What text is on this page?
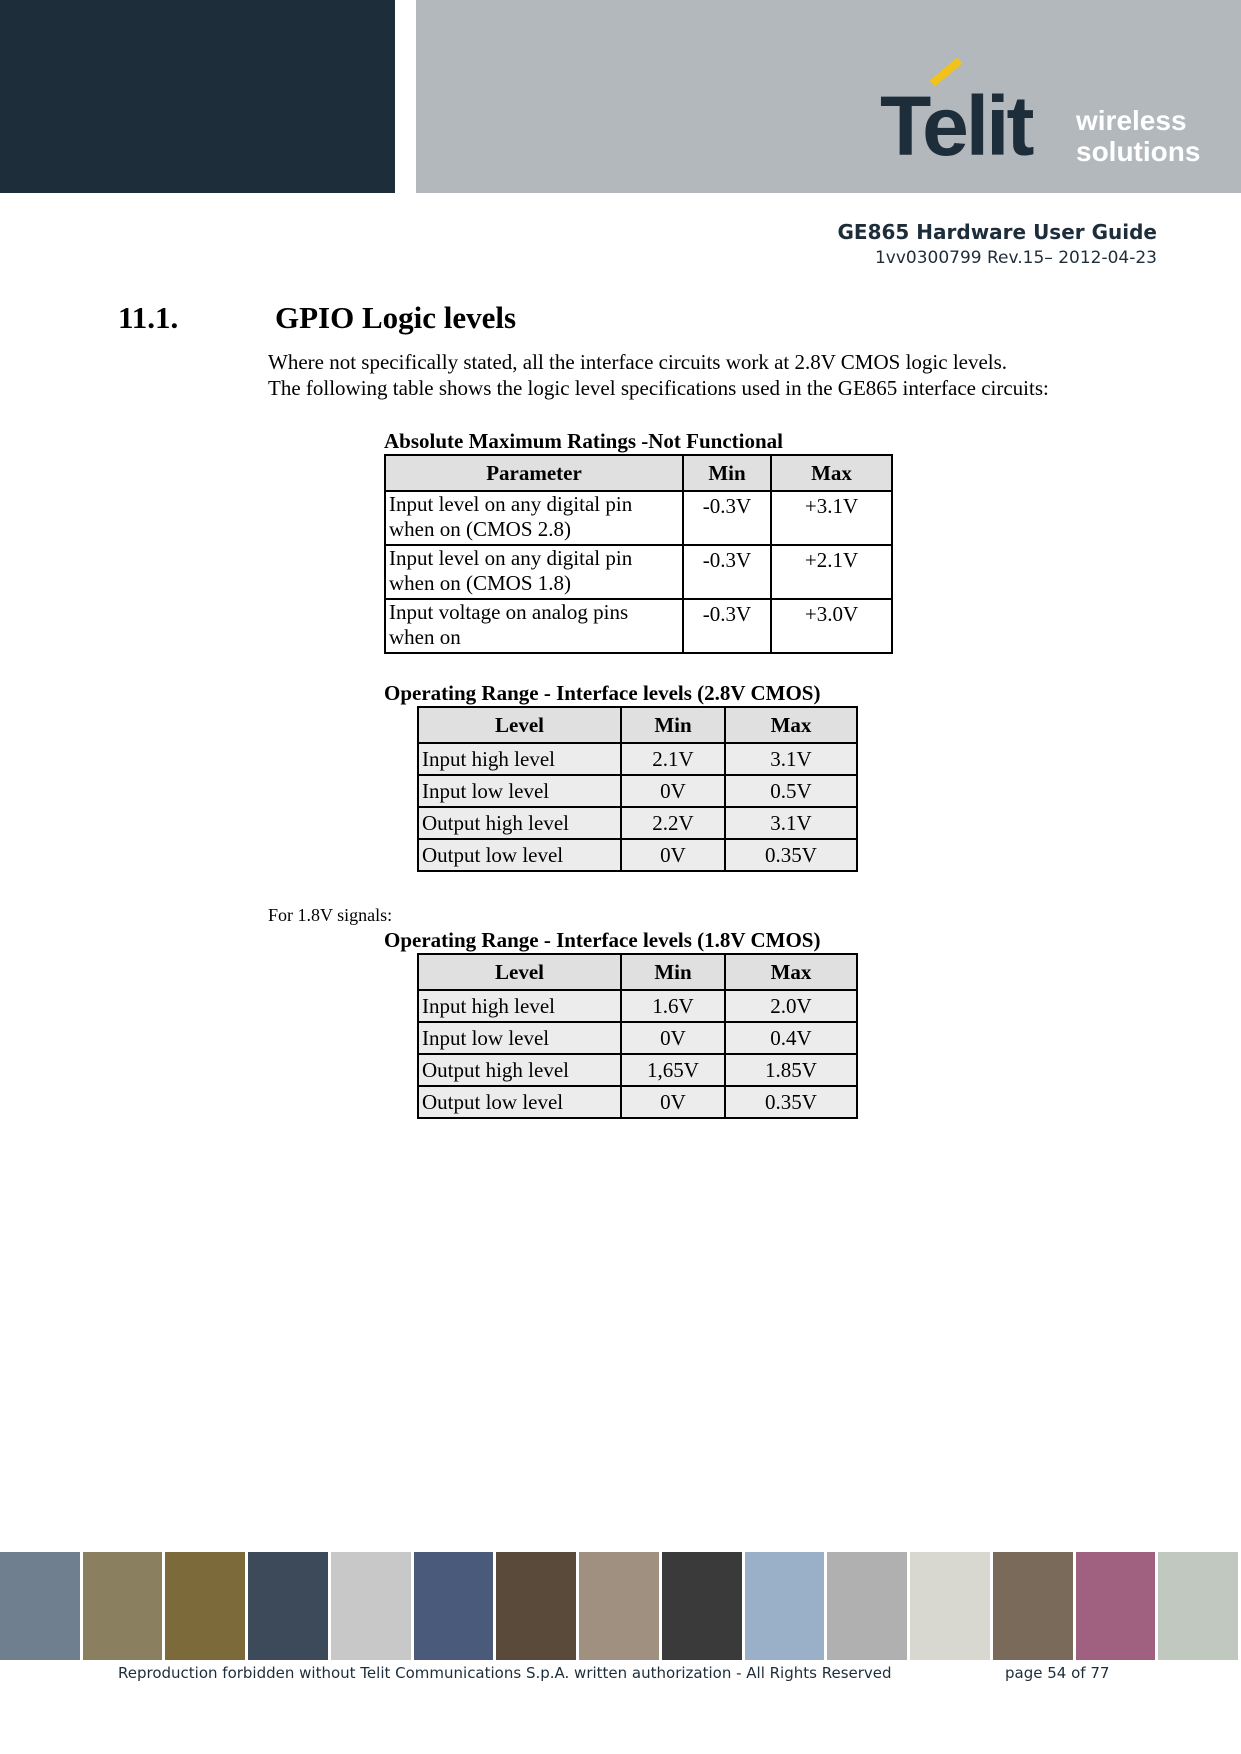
Telit wireless
solutions
GE865 Hardware User Guide
1vv0300799 Rev.15– 2012-04-23
11.1.	GPIO Logic levels
Where not specifically stated, all the interface circuits work at 2.8V CMOS logic levels.
The following table shows the logic level specifications used in the GE865 interface circuits:
Absolute Maximum Ratings -Not Functional
Parameter	Min	Max

Input level on any digital pin
when on (CMOS 2.8)	-0.3V	+3.1V

Input level on any digital pin
when on (CMOS 1.8)	-0.3V	+2.1V

Input voltage on analog pins
when on	-0.3V	+3.0V
Operating Range - Interface levels (2.8V CMOS)
Level	Min	Max
Input high level	2.1V	3.1V
Input low level	0V	0.5V
Output high level	2.2V	3.1V
Output low level	0V	0.35V
For 1.8V signals:
Operating Range - Interface levels (1.8V CMOS)
Level	Min	Max
Input high level	1.6V	2.0V
Input low level	0V	0.4V
Output high level	1,65V	1.85V
Output low level	0V	0.35V
Reproduction forbidden without Telit Communications S.p.A. written authorization - All Rights Reserved	page 54 of 77
